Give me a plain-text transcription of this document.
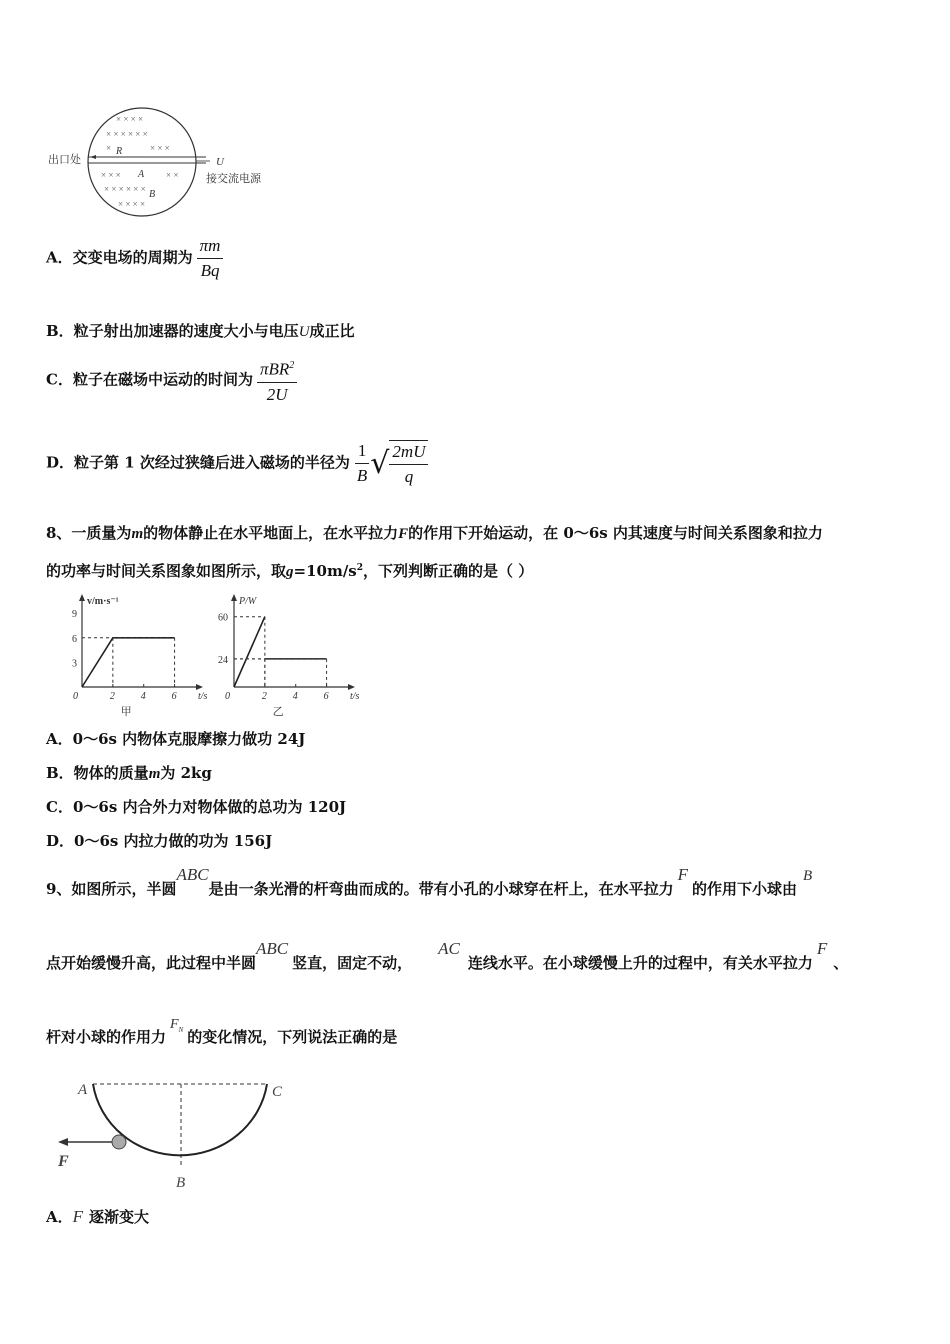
× × × ×
× × × × × ×
×	× × ×
× × ×	× ×
× × × × × ×
× × × ×
出口处
R
A
B
U
接交流电源
A．交变电场的周期为 $\frac{\pi m}{Bq}$
B．粒子射出加速器的速度大小与电压U成正比
C．粒子在磁场中运动的时间为 $\frac{\pi BR^2}{2U}$
D．粒子第 1 次经过狭缝后进入磁场的半径为 $\frac{1}{B}$ √ $\frac{2mU}{q}$
8、一质量为m的物体静止在水平地面上，在水平拉力F的作用下开始运动，在 0～6s 内其速度与时间关系图象和拉力
的功率与时间关系图象如图所示，取$g=10m/s^2$，下列判断正确的是（ ）
0	2	4	6
3
6
9
v/m·s⁻¹
t/s
甲
0	2	4	6
24
60
P/W
t/s
乙
A．0～6s 内物体克服摩擦力做功 24J
B．物体的质量m为 2kg
C．0～6s 内合外力对物体做的总功为 120J
D．0～6s 内拉力做的功为 156J
9、如图所示，半圆ABC是由一条光滑的杆弯曲而成的。带有小孔的小球穿在杆上，在水平拉力F的作用下小球由B
点开始缓慢升高，此过程中半圆ABC竖直，固定不动，AC连线水平。在小球缓慢上升的过程中，有关水平拉力F、
杆对小球的作用力$F_N$ 的变化情况，下列说法正确的是
A	C
B
F
A．F 逐渐变大
